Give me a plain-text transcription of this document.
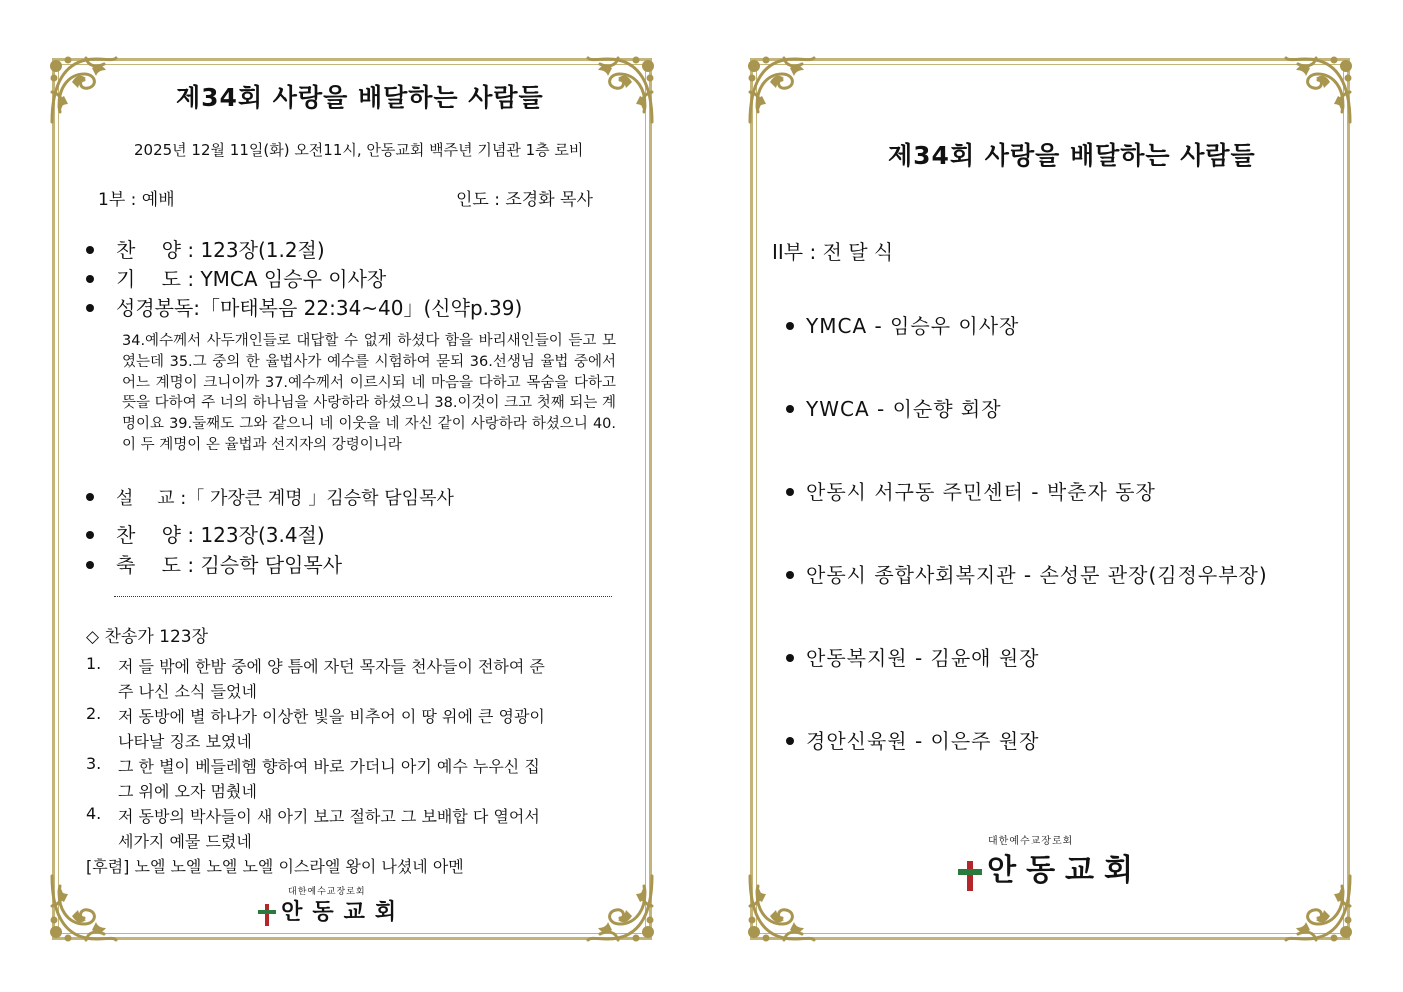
제34회 사랑을 배달하는 사람들
2025년 12월 11일(화) 오전11시, 안동교회 백주년 기념관 1층 로비
1부 : 예배	인도 : 조경화 목사
찬　 양 : 123장(1.2절)
기　 도 : YMCA 임승우 이사장
성경봉독:「마태복음 22:34~40」(신약p.39)
34.예수께서 사두개인들로 대답할 수 없게 하셨다 함을 바리새인들이 듣고 모였는데 35.그 중의 한 율법사가 예수를 시험하여 묻되 36.선생님 율법 중에서 어느 계명이 크니이까 37.예수께서 이르시되 네 마음을 다하고 목숨을 다하고 뜻을 다하여 주 너의 하나님을 사랑하라 하셨으니 38.이것이 크고 첫째 되는 계명이요 39.둘째도 그와 같으니 네 이웃을 네 자신 같이 사랑하라 하셨으니 40.이 두 계명이 온 율법과 선지자의 강령이니라
설　 교 :「 가장큰 계명 」김승학 담임목사
찬　 양 : 123장(3.4절)
축　 도 : 김승학 담임목사
◇ 찬송가 123장
1. 저 들 밖에 한밤 중에 양 틈에 자던 목자들 천사들이 전하여 준
주 나신 소식 들었네
2. 저 동방에 별 하나가 이상한 빛을 비추어 이 땅 위에 큰 영광이
나타날 징조 보였네
3. 그 한 별이 베들레헴 향하여 바로 가더니 아기 예수 누우신 집
그 위에 오자 멈췄네
4. 저 동방의 박사들이 새 아기 보고 절하고 그 보배합 다 열어서
세가지 예물 드렸네
[후렴] 노엘 노엘 노엘 노엘 이스라엘 왕이 나셨네 아멘
대한예수교장로회
안동교회
제34회 사랑을 배달하는 사람들
II부 : 전 달 식
YMCA - 임승우 이사장
YWCA - 이순향 회장
안동시 서구동 주민센터 - 박춘자 동장
안동시 종합사회복지관 - 손성문 관장(김정우부장)
안동복지원 - 김윤애 원장
경안신육원 - 이은주 원장
대한예수교장로회
안동교회
